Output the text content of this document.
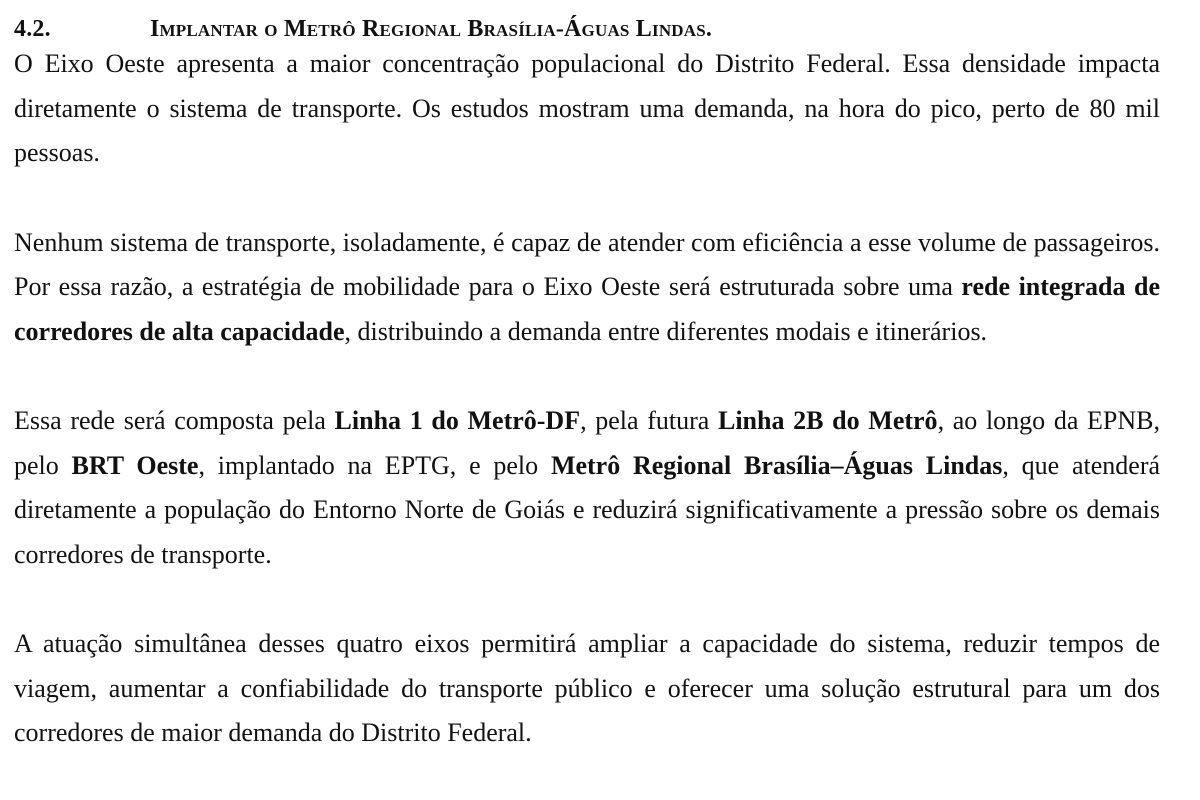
4.2.	Implantar o Metrô Regional Brasília-Águas Lindas.

O Eixo Oeste apresenta a maior concentração populacional do Distrito Federal. Essa densidade impacta diretamente o sistema de transporte. Os estudos mostram uma demanda, na hora do pico, perto de 80 mil pessoas.

Nenhum sistema de transporte, isoladamente, é capaz de atender com eficiência a esse volume de passageiros. Por essa razão, a estratégia de mobilidade para o Eixo Oeste será estruturada sobre uma rede integrada de corredores de alta capacidade, distribuindo a demanda entre diferentes modais e itinerários.

Essa rede será composta pela Linha 1 do Metrô-DF, pela futura Linha 2B do Metrô, ao longo da EPNB, pelo BRT Oeste, implantado na EPTG, e pelo Metrô Regional Brasília–Águas Lindas, que atenderá diretamente a população do Entorno Norte de Goiás e reduzirá significativamente a pressão sobre os demais corredores de transporte.

A atuação simultânea desses quatro eixos permitirá ampliar a capacidade do sistema, reduzir tempos de viagem, aumentar a confiabilidade do transporte público e oferecer uma solução estrutural para um dos corredores de maior demanda do Distrito Federal.
